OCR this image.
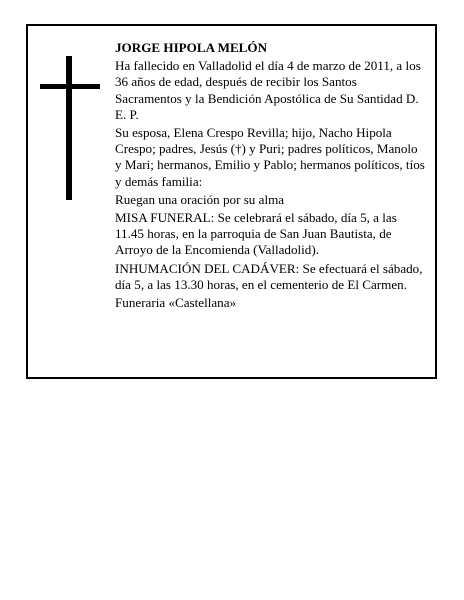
JORGE HIPOLA MELÓN

Ha fallecido en Valladolid el día 4 de marzo de 2011, a los 36 años de edad, después de recibir los Santos Sacramentos y la Bendición Apostólica de Su Santidad D. E. P.

Su esposa, Elena Crespo Revilla; hijo, Nacho Hipola Crespo; padres, Jesús (†) y Puri; padres políticos, Manolo y Mari; hermanos, Emilio y Pablo; hermanos políticos, tíos y demás familia:

Ruegan una oración por su alma

MISA FUNERAL: Se celebrará el sábado, día 5, a las 11.45 horas, en la parroquia de San Juan Bautista, de Arroyo de la Encomienda (Valladolid).

INHUMACIÓN DEL CADÁVER: Se efectuará el sábado, día 5, a las 13.30 horas, en el cementerio de El Carmen.

Funeraria «Castellana»
